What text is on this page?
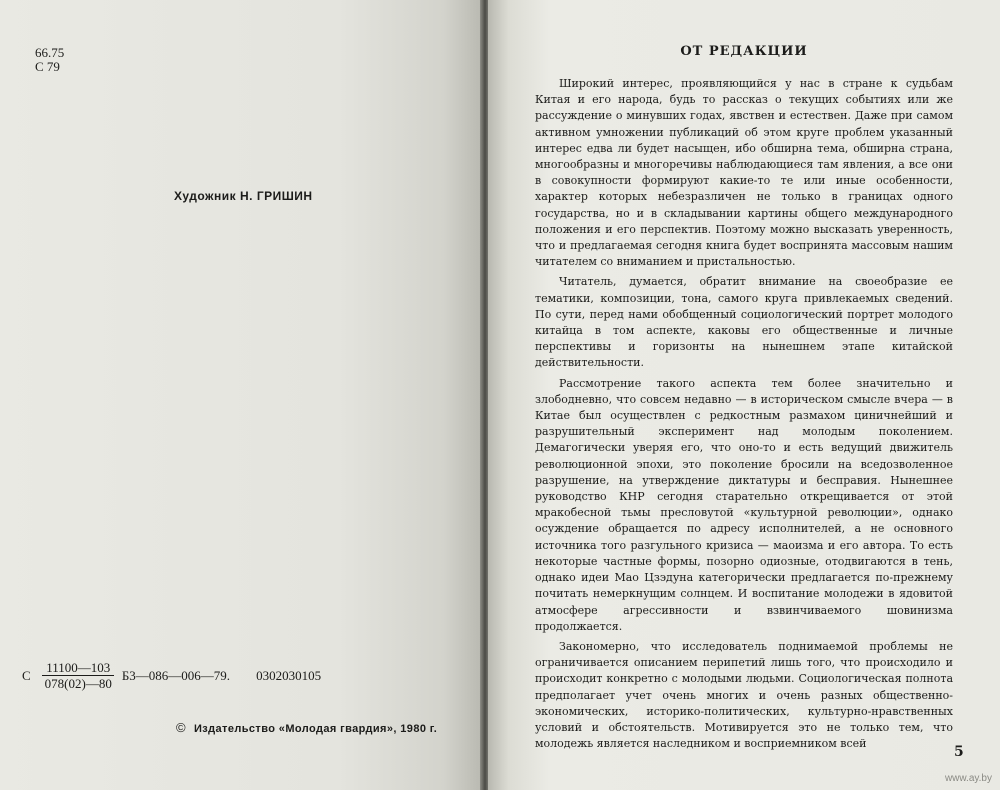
66.75
С 79
Художник Н. ГРИШИН
С $\frac{11100—103}{078(02)—80}$ Б3—086—006—79. 0302030105
© Издательство «Молодая гвардия», 1980 г.
ОТ РЕДАКЦИИ

Широкий интерес, проявляющийся у нас в стране к судьбам Китая и его народа, будь то рассказ о текущих событиях или же рассуждение о минувших годах, явствен и естествен. Даже при самом активном умножении публикаций об этом круге проблем указанный интерес едва ли будет насыщен, ибо обширна тема, обширна страна, многообразны и многоречивы наблюдающиеся там явления, а все они в совокупности формируют какие-то те или иные особенности, характер которых небезразличен не только в границах одного государства, но и в складывании картины общего международного положения и его перспектив. Поэтому можно высказать уверенность, что и предлагаемая сегодня книга будет воспринята массовым нашим читателем со вниманием и пристальностью.

Читатель, думается, обратит внимание на своеобразие ее тематики, композиции, тона, самого круга привлекаемых сведений. По сути, перед нами обобщенный социологический портрет молодого китайца в том аспекте, каковы его общественные и личные перспективы и горизонты на нынешнем этапе китайской действительности.

Рассмотрение такого аспекта тем более значительно и злободневно, что совсем недавно — в историческом смысле вчера — в Китае был осуществлен с редкостным размахом циничнейший и разрушительный эксперимент над молодым поколением. Демагогически уверяя его, что оно-то и есть ведущий движитель революционной эпохи, это поколение бросили на вседозволенное разрушение, на утверждение диктатуры и бесправия. Нынешнее руководство КНР сегодня старательно открещивается от этой мракобесной тьмы пресловутой «культурной революции», однако осуждение обращается по адресу исполнителей, а не основного источника того разгульного кризиса — маоизма и его автора. То есть некоторые частные формы, позорно одиозные, отодвигаются в тень, однако идеи Мао Цзэдуна категорически предлагается по-прежнему почитать немеркнущим солнцем. И воспитание молодежи в ядовитой атмосфере агрессивности и взвинчиваемого шовинизма продолжается.

Закономерно, что исследователь поднимаемой проблемы не ограничивается описанием перипетий лишь того, что происходило и происходит конкретно с молодыми людьми. Социологическая полнота предполагает учет очень многих и очень разных общественно-экономических, историко-политических, культурно-нравственных условий и обстоятельств. Мотивируется это не только тем, что молодежь является наследником и восприемником всей

5
www.ay.by
